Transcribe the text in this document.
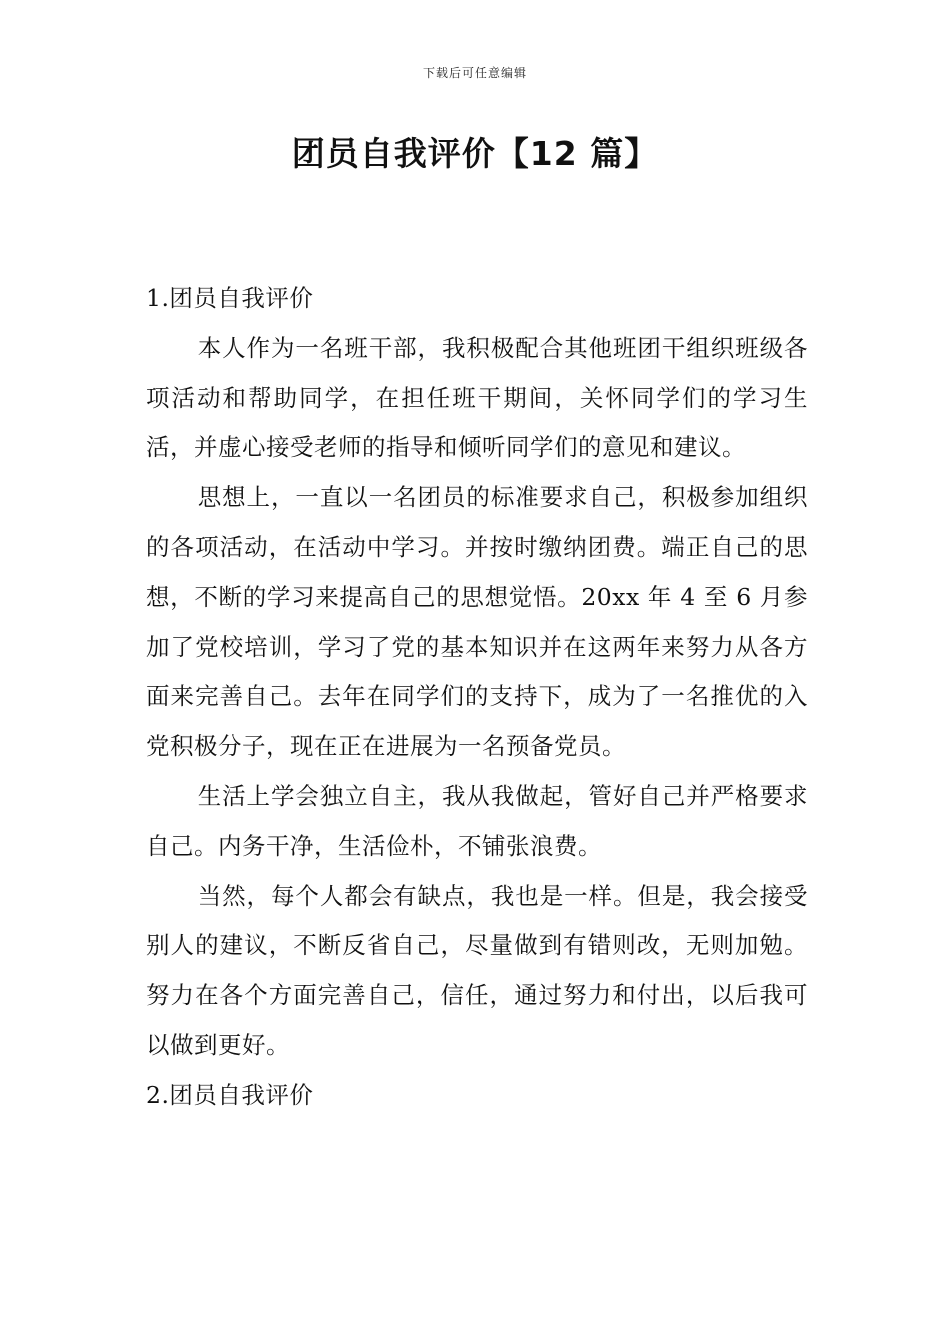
下载后可任意编辑
团员自我评价【12 篇】

1.团员自我评价

本人作为一名班干部，我积极配合其他班团干组织班级各项活动和帮助同学，在担任班干期间，关怀同学们的学习生活，并虚心接受老师的指导和倾听同学们的意见和建议。

思想上，一直以一名团员的标准要求自己，积极参加组织的各项活动，在活动中学习。并按时缴纳团费。端正自己的思想，不断的学习来提高自己的思想觉悟。20xx 年 4 至 6 月参加了党校培训，学习了党的基本知识并在这两年来努力从各方面来完善自己。去年在同学们的支持下，成为了一名推优的入党积极分子，现在正在进展为一名预备党员。

生活上学会独立自主，我从我做起，管好自己并严格要求自己。内务干净，生活俭朴，不铺张浪费。

当然，每个人都会有缺点，我也是一样。但是，我会接受别人的建议，不断反省自己，尽量做到有错则改，无则加勉。努力在各个方面完善自己，信任，通过努力和付出，以后我可以做到更好。

2.团员自我评价
